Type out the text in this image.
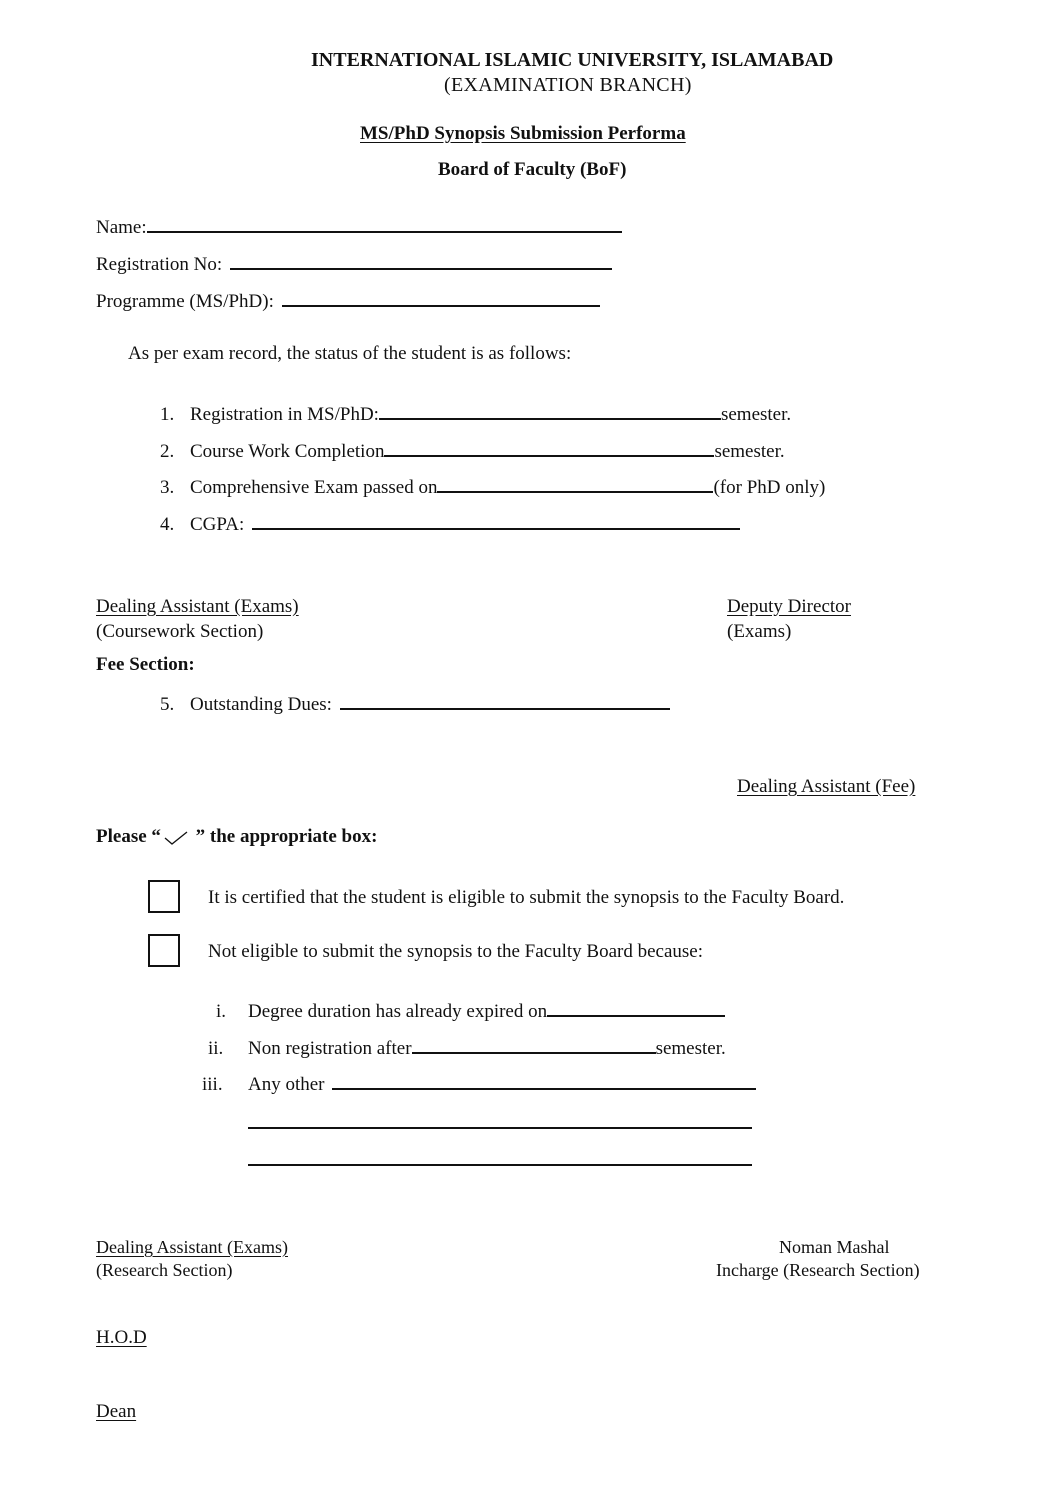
INTERNATIONAL ISLAMIC UNIVERSITY, ISLAMABAD
(EXAMINATION BRANCH)
MS/PhD Synopsis Submission Performa
Board of Faculty (BoF)
Name:
Registration No:
Programme (MS/PhD):
As per exam record, the status of the student is as follows:
1. Registration in MS/PhD:	semester.
2. Course Work Completion	semester.
3. Comprehensive Exam passed on	(for PhD only)
4. CGPA:
Dealing Assistant (Exams)
(Coursework Section)
Deputy Director
(Exams)
Fee Section:
5. Outstanding Dues:
Dealing Assistant (Fee)
Please “ ” the appropriate box:
It is certified that the student is eligible to submit the synopsis to the Faculty Board.
Not eligible to submit the synopsis to the Faculty Board because:
i. Degree duration has already expired on
ii. Non registration after	semester.
iii. Any other
Dealing Assistant (Exams)
(Research Section)
Noman Mashal
Incharge (Research Section)
H.O.D
Dean
